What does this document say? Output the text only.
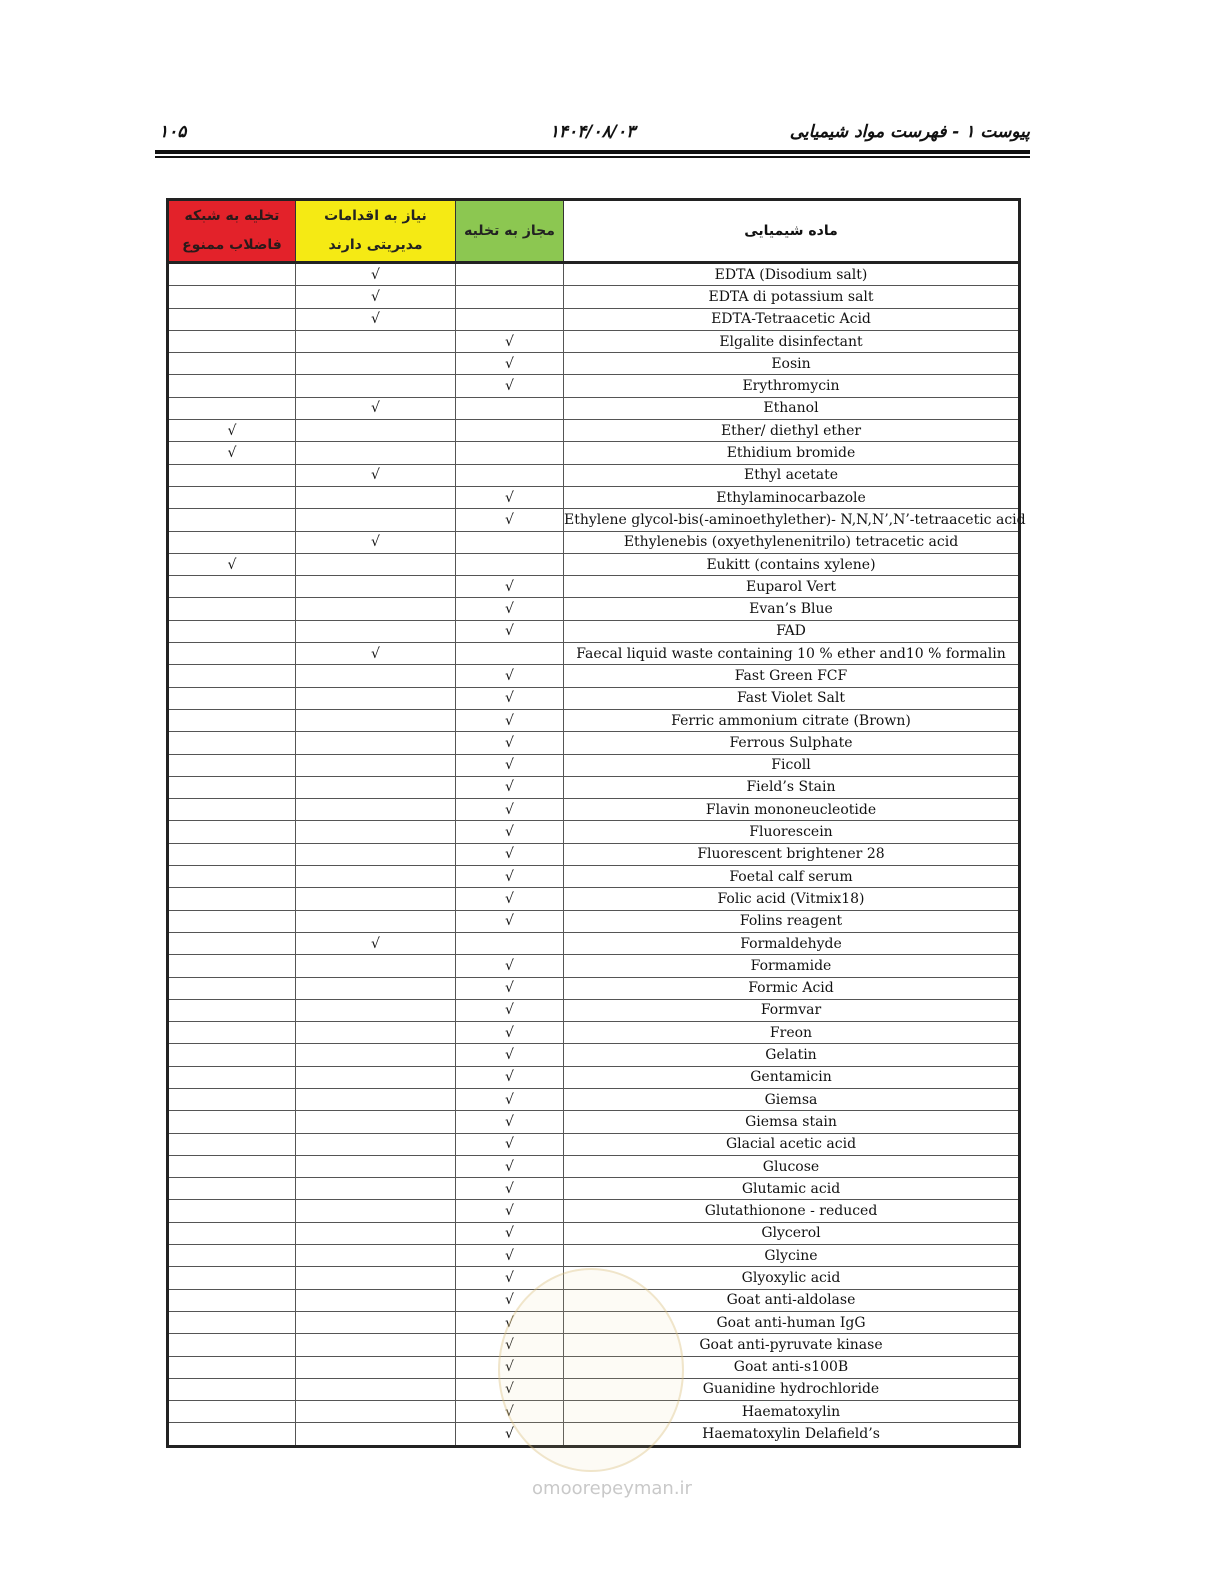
پیوست ۱ - فهرست مواد شیمیایی
۱۴۰۴/۰۸/۰۳
۱۰۵
تخلیه به شبکه فاضلاب ممنوع	نیاز به اقدامات مدیریتی دارند	مجاز به تخلیه	ماده شیمیایی
	√		EDTA (Disodium salt)
	√		EDTA di potassium salt
	√		EDTA-Tetraacetic Acid
		√	Elgalite disinfectant
		√	Eosin
		√	Erythromycin
	√		Ethanol
√			Ether/ diethyl ether
√			Ethidium bromide
	√		Ethyl acetate
		√	Ethylaminocarbazole
		√	Ethylene glycol-bis(-aminoethylether)- N,N,N’,N’-tetraacetic acid
	√		Ethylenebis (oxyethylenenitrilo) tetracetic acid
√			Eukitt (contains xylene)
		√	Euparol Vert
		√	Evan’s Blue
		√	FAD
	√		Faecal liquid waste containing 10 % ether and10 % formalin
		√	Fast Green FCF
		√	Fast Violet Salt
		√	Ferric ammonium citrate (Brown)
		√	Ferrous Sulphate
		√	Ficoll
		√	Field’s Stain
		√	Flavin mononeucleotide
		√	Fluorescein
		√	Fluorescent brightener 28
		√	Foetal calf serum
		√	Folic acid (Vitmix18)
		√	Folins reagent
	√		Formaldehyde
		√	Formamide
		√	Formic Acid
		√	Formvar
		√	Freon
		√	Gelatin
		√	Gentamicin
		√	Giemsa
		√	Giemsa stain
		√	Glacial acetic acid
		√	Glucose
		√	Glutamic acid
		√	Glutathionone - reduced
		√	Glycerol
		√	Glycine
		√	Glyoxylic acid
		√	Goat anti-aldolase
		√	Goat anti-human IgG
		√	Goat anti-pyruvate kinase
		√	Goat anti-s100B
		√	Guanidine hydrochloride
		√	Haematoxylin
		√	Haematoxylin Delafield’s
omoorepeyman.ir
